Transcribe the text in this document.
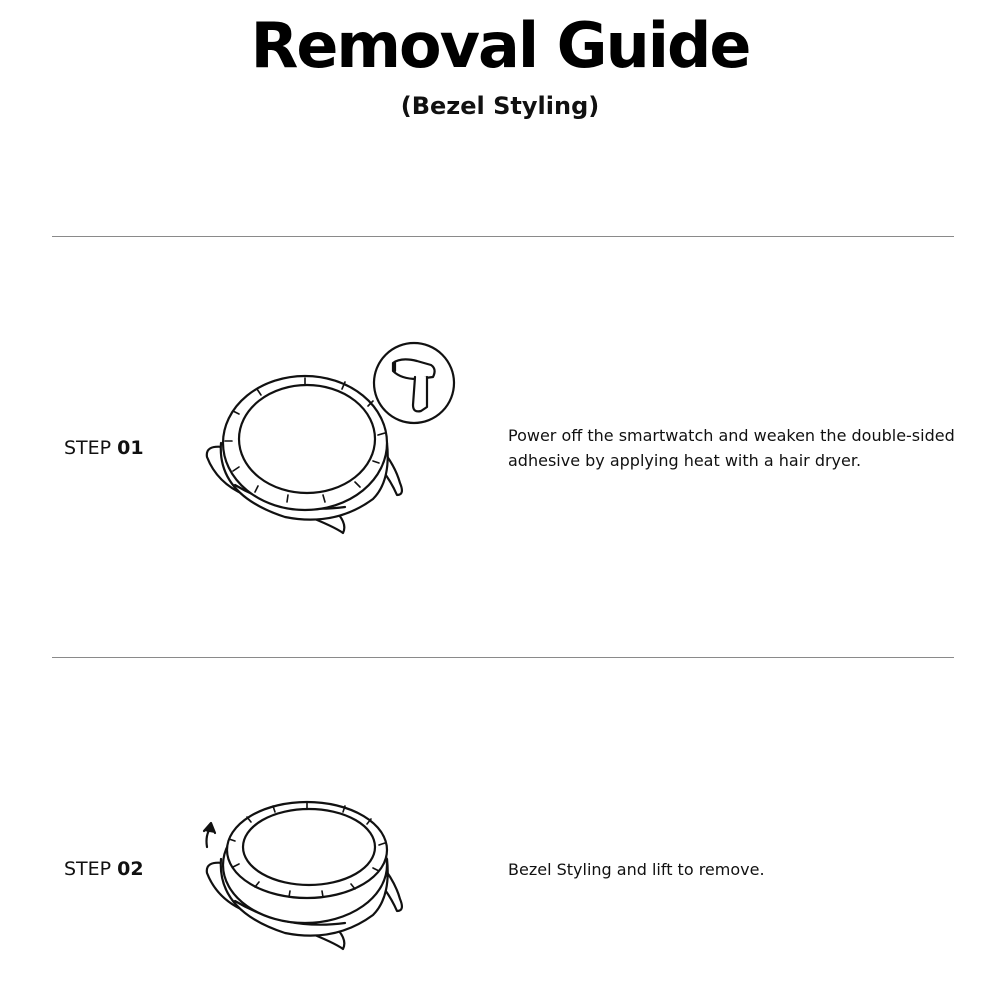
Removal Guide
(Bezel Styling)
STEP 01
Power off the smartwatch and weaken the double-sided adhesive by applying heat with a hair dryer.
STEP 02	Bezel Styling and lift to remove.
